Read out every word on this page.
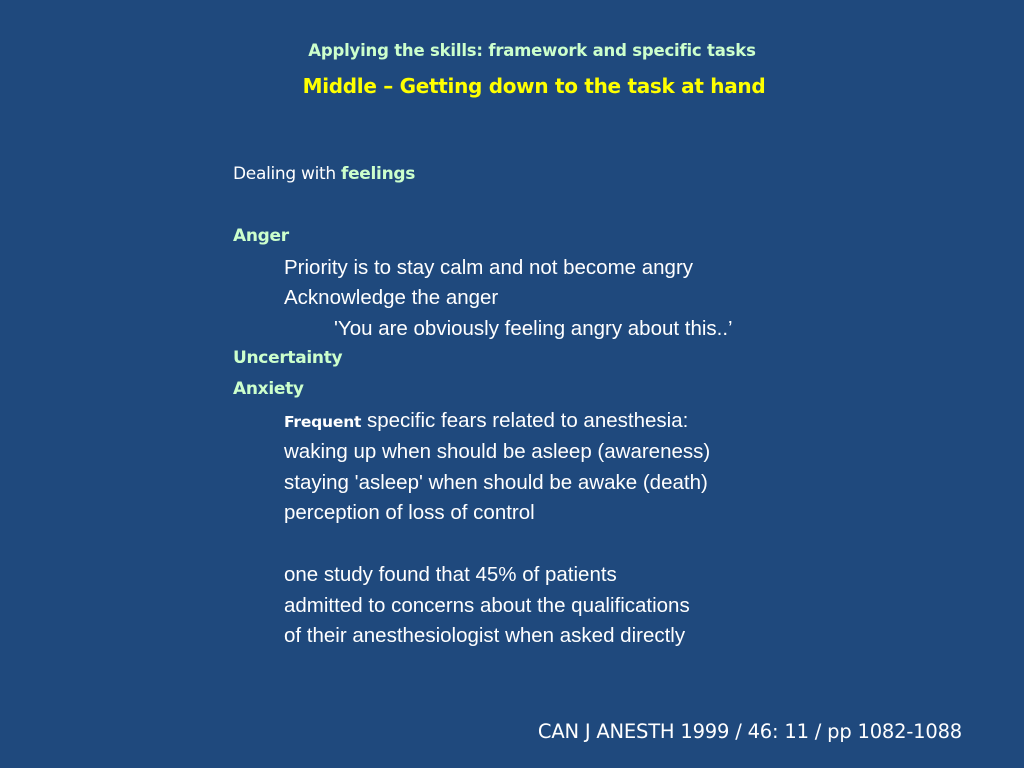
Applying the skills: framework and specific tasks
Middle – Getting down to the task at hand
Dealing with feelings
Anger
Priority is to stay calm and not become angry
Acknowledge the anger
'You are obviously feeling angry about this..’
Uncertainty
Anxiety
Frequent specific fears related to anesthesia:
waking up when should be asleep (awareness)
staying 'asleep' when should be awake (death)
perception of loss of control
one study found that 45% of patients
admitted to concerns about the qualifications
of their anesthesiologist when asked directly
CAN J ANESTH 1999 / 46: 11 / pp 1082-1088
